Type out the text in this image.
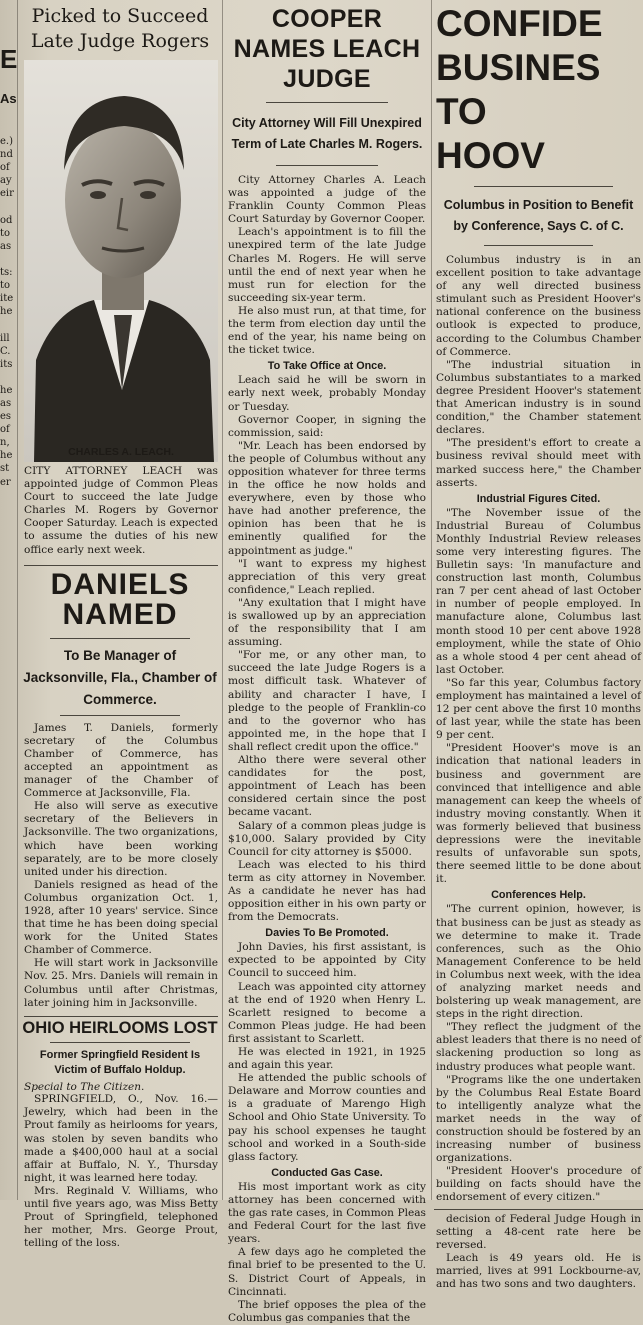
E
As
e.)
nd
of
ay
eir

od
to
as

ts:
to
ite
he

ill
C.
its

he
as
es
of
n,
he
st
er

Picked to Succeed Late Judge Rogers
CHARLES A. LEACH.

CITY ATTORNEY LEACH was appointed judge of Common Pleas Court to succeed the late Judge Charles M. Rogers by Governor Cooper Saturday. Leach is expected to assume the duties of his new office early next week.

DANIELS NAMED
To Be Manager of Jacksonville, Fla., Chamber of Commerce.

James T. Daniels, formerly secretary of the Columbus Chamber of Commerce, has accepted an appointment as manager of the Chamber of Commerce at Jacksonville, Fla.

He also will serve as executive secretary of the Believers in Jacksonville. The two organizations, which have been working separately, are to be more closely united under his direction.

Daniels resigned as head of the Columbus organization Oct. 1, 1928, after 10 years' service. Since that time he has been doing special work for the United States Chamber of Commerce.

He will start work in Jacksonville Nov. 25. Mrs. Daniels will remain in Columbus until after Christmas, later joining him in Jacksonville.

OHIO HEIRLOOMS LOST
Former Springfield Resident Is Victim of Buffalo Holdup.
Special to The Citizen.

SPRINGFIELD, O., Nov. 16.—Jewelry, which had been in the Prout family as heirlooms for years, was stolen by seven bandits who made a $400,000 haul at a social affair at Buffalo, N. Y., Thursday night, it was learned here today.

Mrs. Reginald V. Williams, who until five years ago, was Miss Betty Prout of Springfield, telephoned her mother, Mrs. George Prout, telling of the loss.

COOPER NAMES LEACH JUDGE
City Attorney Will Fill Unexpired Term of Late Charles M. Rogers.

City Attorney Charles A. Leach was appointed a judge of the Franklin County Common Pleas Court Saturday by Governor Cooper.

Leach's appointment is to fill the unexpired term of the late Judge Charles M. Rogers. He will serve until the end of next year when he must run for election for the succeeding six-year term.

He also must run, at that time, for the term from election day until the end of the year, his name being on the ticket twice.

To Take Office at Once.

Leach said he will be sworn in early next week, probably Monday or Tuesday.

Governor Cooper, in signing the commission, said:

"Mr. Leach has been endorsed by the people of Columbus without any opposition whatever for three terms in the office he now holds and everywhere, even by those who have had another preference, the opinion has been that he is eminently qualified for the appointment as judge."

"I want to express my highest appreciation of this very great confidence," Leach replied.

"Any exultation that I might have is swallowed up by an appreciation of the responsibility that I am assuming.

"For me, or any other man, to succeed the late Judge Rogers is a most difficult task. Whatever of ability and character I have, I pledge to the people of Franklin-co and to the governor who has appointed me, in the hope that I shall reflect credit upon the office."

Altho there were several other candidates for the post, appointment of Leach has been considered certain since the post became vacant.

Salary of a common pleas judge is $10,000. Salary provided by City Council for city attorney is $5000.

Leach was elected to his third term as city attorney in November. As a candidate he never has had opposition either in his own party or from the Democrats.

Davies To Be Promoted.

John Davies, his first assistant, is expected to be appointed by City Council to succeed him.

Leach was appointed city attorney at the end of 1920 when Henry L. Scarlett resigned to become a Common Pleas judge. He had been first assistant to Scarlett.

He was elected in 1921, in 1925 and again this year.

He attended the public schools of Delaware and Morrow counties and is a graduate of Marengo High School and Ohio State University. To pay his school expenses he taught school and worked in a South-side glass factory.

Conducted Gas Case.

His most important work as city attorney has been concerned with the gas rate cases, in Common Pleas and Federal Court for the last five years.

A few days ago he completed the final brief to be presented to the U. S. District Court of Appeals, in Cincinnati.

The brief opposes the plea of the Columbus gas companies that the

CONFIDE
BUSINES
TO
HOOV
Columbus in Position to Benefit by Conference, Says C. of C.

Columbus industry is in an excellent position to take advantage of any well directed business stimulant such as President Hoover's national conference on the business outlook is expected to produce, according to the Columbus Chamber of Commerce.

"The industrial situation in Columbus substantiates to a marked degree President Hoover's statement that American industry is in sound condition," the Chamber statement declares.

"The president's effort to create a business revival should meet with marked success here," the Chamber asserts.

Industrial Figures Cited.

"The November issue of the Industrial Bureau of Columbus Monthly Industrial Review releases some very interesting figures. The Bulletin says: 'In manufacture and construction last month, Columbus ran 7 per cent ahead of last October in number of people employed. In manufacture alone, Columbus last month stood 10 per cent above 1928 employment, while the state of Ohio as a whole stood 4 per cent ahead of last October.

"So far this year, Columbus factory employment has maintained a level of 12 per cent above the first 10 months of last year, while the state has been 9 per cent.

"President Hoover's move is an indication that national leaders in business and government are convinced that intelligence and able management can keep the wheels of industry moving constantly. When it was formerly believed that business depressions were the inevitable results of unfavorable sun spots, there seemed little to be done about it.

Conferences Help.

"The current opinion, however, is that business can be just as steady as we determine to make it. Trade conferences, such as the Ohio Management Conference to be held in Columbus next week, with the idea of analyzing market needs and bolstering up weak management, are steps in the right direction.

"They reflect the judgment of the ablest leaders that there is no need of slackening production so long as industry produces what people want.

"Programs like the one undertaken by the Columbus Real Estate Board to intelligently analyze what the market needs in the way of construction should be fostered by an increasing number of business organizations.

"President Hoover's procedure of building on facts should have the endorsement of every citizen."

decision of Federal Judge Hough in setting a 48-cent rate here be reversed.

Leach is 49 years old. He is married, lives at 991 Lockbourne-av, and has two sons and two daughters.
